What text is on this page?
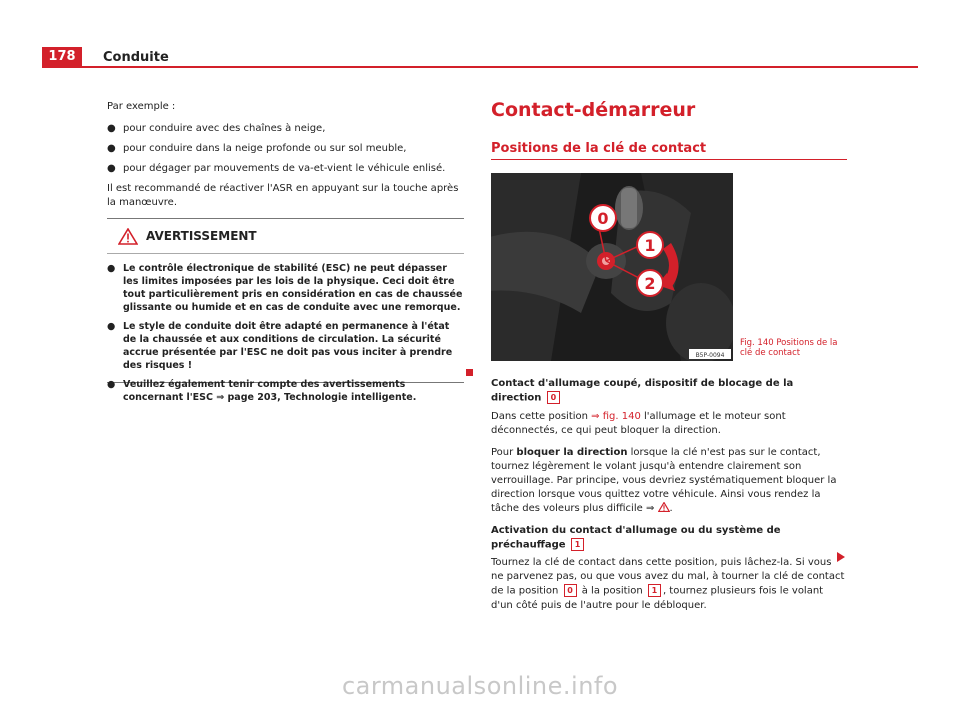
178	Conduite

Par exemple :

● pour conduire avec des chaînes à neige,
● pour conduire dans la neige profonde ou sur sol meuble,
● pour dégager par mouvements de va-et-vient le véhicule enlisé.

Il est recommandé de réactiver l'ASR en appuyant sur la touche après la manœuvre.

AVERTISSEMENT
● Le contrôle électronique de stabilité (ESC) ne peut dépasser les limites imposées par les lois de la physique. Ceci doit être tout particulièrement pris en considération en cas de chaussée glissante ou humide et en cas de conduite avec une remorque.
● Le style de conduite doit être adapté en permanence à l'état de la chaussée et aux conditions de circulation. La sécurité accrue présentée par l'ESC ne doit pas vous inciter à prendre des risques !
● Veuillez également tenir compte des avertissements concernant l'ESC ⇒ page 203, Technologie intelligente.
Contact-démarreur
Positions de la clé de contact
0
1
2
B5P-0094
Fig. 140 Positions de la clé de contact
Contact d'allumage coupé, dispositif de blocage de la direction 0

Dans cette position ⇒ fig. 140 l'allumage et le moteur sont déconnectés, ce qui peut bloquer la direction.

Pour bloquer la direction lorsque la clé n'est pas sur le contact, tournez légèrement le volant jusqu'à entendre clairement son verrouillage. Par principe, vous devriez systématiquement bloquer la direction lorsque vous quittez votre véhicule. Ainsi vous rendez la tâche des voleurs plus difficile ⇒ .

Activation du contact d'allumage ou du système de préchauffage 1

Tournez la clé de contact dans cette position, puis lâchez-la. Si vous ne parvenez pas, ou que vous avez du mal, à tourner la clé de contact de la position 0 à la position 1 , tournez plusieurs fois le volant d'un côté puis de l'autre pour le débloquer.

carmanualsonline.info
